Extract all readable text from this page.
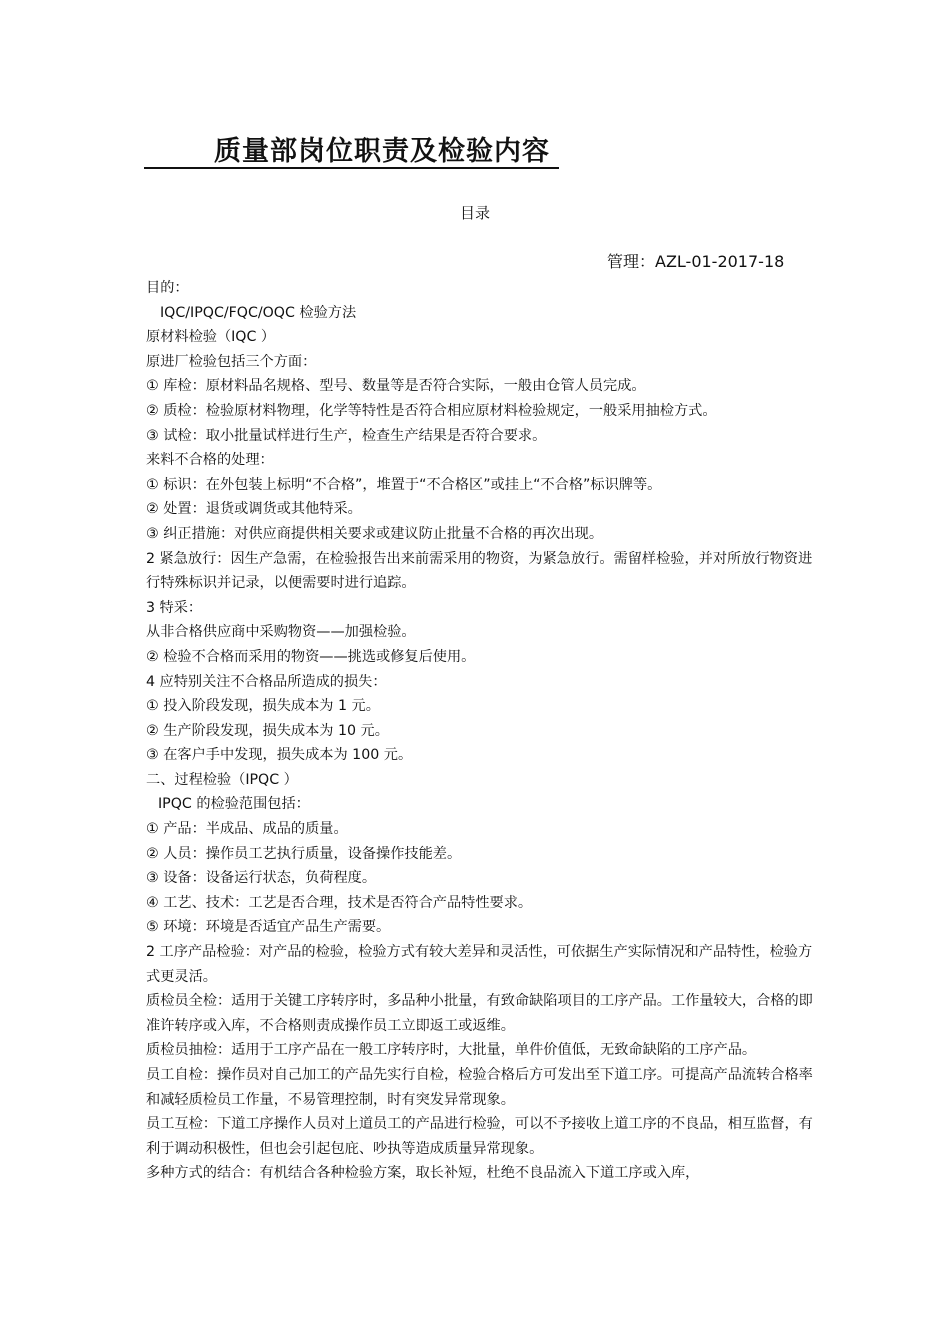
质量部岗位职责及检验内容
目录
管理：AZL-01-2017-18

目的：

IQC/IPQC/FQC/OQC 检验方法

原材料检验（IQC ）

原进厂检验包括三个方面：

① 库检：原材料品名规格、型号、数量等是否符合实际，一般由仓管人员完成。

② 质检：检验原材料物理，化学等特性是否符合相应原材料检验规定，一般采用抽检方式。

③ 试检：取小批量试样进行生产，检查生产结果是否符合要求。

来料不合格的处理：

① 标识：在外包装上标明“不合格”，堆置于“不合格区”或挂上“不合格”标识牌等。

② 处置：退货或调货或其他特采。

③ 纠正措施：对供应商提供相关要求或建议防止批量不合格的再次出现。

2 紧急放行：因生产急需，在检验报告出来前需采用的物资，为紧急放行。需留样检验，并对所放行物资进行特殊标识并记录，以便需要时进行追踪。

3 特采：

从非合格供应商中采购物资——加强检验。

② 检验不合格而采用的物资——挑选或修复后使用。

4 应特别关注不合格品所造成的损失：

① 投入阶段发现，损失成本为 1 元。

② 生产阶段发现，损失成本为 10 元。

③ 在客户手中发现，损失成本为 100 元。

二、过程检验（IPQC ）

IPQC 的检验范围包括：

① 产品：半成品、成品的质量。

② 人员：操作员工艺执行质量，设备操作技能差。

③ 设备：设备运行状态，负荷程度。

④ 工艺、技术：工艺是否合理，技术是否符合产品特性要求。

⑤ 环境：环境是否适宜产品生产需要。

2 工序产品检验：对产品的检验，检验方式有较大差异和灵活性，可依据生产实际情况和产品特性，检验方式更灵活。

质检员全检：适用于关键工序转序时，多品种小批量，有致命缺陷项目的工序产品。工作量较大，合格的即准许转序或入库，不合格则责成操作员工立即返工或返维。

质检员抽检：适用于工序产品在一般工序转序时，大批量，单件价值低，无致命缺陷的工序产品。

员工自检：操作员对自己加工的产品先实行自检，检验合格后方可发出至下道工序。可提高产品流转合格率和减轻质检员工作量，不易管理控制，时有突发异常现象。

员工互检：下道工序操作人员对上道员工的产品进行检验，可以不予接收上道工序的不良品，相互监督，有利于调动积极性，但也会引起包庇、吵执等造成质量异常现象。

多种方式的结合：有机结合各种检验方案，取长补短，杜绝不良品流入下道工序或入库，
